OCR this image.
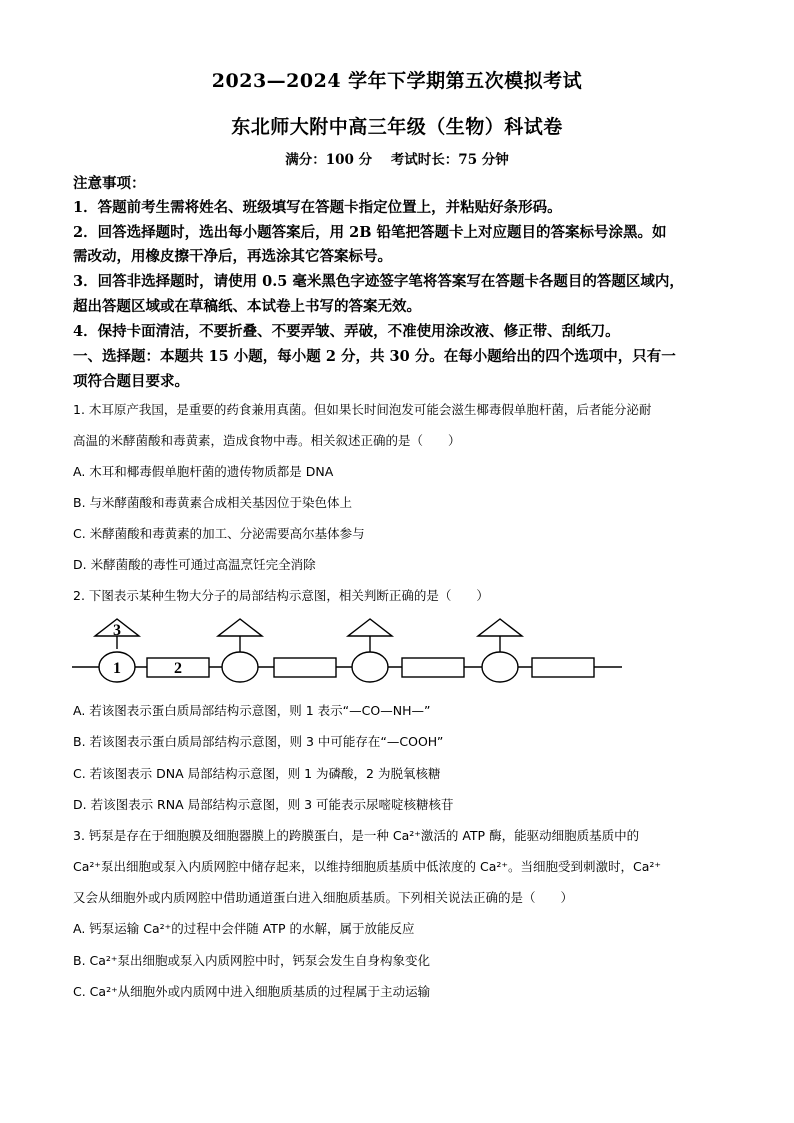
2023—2024 学年下学期第五次模拟考试
东北师大附中高三年级（生物）科试卷
满分：100 分 考试时长：75 分钟
注意事项：
1．答题前考生需将姓名、班级填写在答题卡指定位置上，并粘贴好条形码。
2．回答选择题时，选出每小题答案后，用 2B 铅笔把答题卡上对应题目的答案标号涂黑。如
需改动，用橡皮擦干净后，再选涂其它答案标号。
3．回答非选择题时，请使用 0.5 毫米黑色字迹签字笔将答案写在答题卡各题目的答题区域内，
超出答题区域或在草稿纸、本试卷上书写的答案无效。
4．保持卡面清洁，不要折叠、不要弄皱、弄破，不准使用涂改液、修正带、刮纸刀。
一、选择题：本题共 15 小题，每小题 2 分，共 30 分。在每小题给出的四个选项中，只有一
项符合题目要求。
1. 木耳原产我国，是重要的药食兼用真菌。但如果长时间泡发可能会滋生椰毒假单胞杆菌，后者能分泌耐
高温的米酵菌酸和毒黄素，造成食物中毒。相关叙述正确的是（　　）
A. 木耳和椰毒假单胞杆菌的遗传物质都是 DNA
B. 与米酵菌酸和毒黄素合成相关基因位于染色体上
C. 米酵菌酸和毒黄素的加工、分泌需要高尔基体参与
D. 米酵菌酸的毒性可通过高温烹饪完全消除
2. 下图表示某种生物大分子的局部结构示意图，相关判断正确的是（　　）
3
1	2
A. 若该图表示蛋白质局部结构示意图，则 1 表示“—CO—NH—”
B. 若该图表示蛋白质局部结构示意图，则 3 中可能存在“—COOH”
C. 若该图表示 DNA 局部结构示意图，则 1 为磷酸，2 为脱氧核糖
D. 若该图表示 RNA 局部结构示意图，则 3 可能表示尿嘧啶核糖核苷
3. 钙泵是存在于细胞膜及细胞器膜上的跨膜蛋白，是一种 Ca²⁺激活的 ATP 酶，能驱动细胞质基质中的
Ca²⁺泵出细胞或泵入内质网腔中储存起来，以维持细胞质基质中低浓度的 Ca²⁺。当细胞受到刺激时，Ca²⁺
又会从细胞外或内质网腔中借助通道蛋白进入细胞质基质。下列相关说法正确的是（　　）
A. 钙泵运输 Ca²⁺的过程中会伴随 ATP 的水解，属于放能反应
B. Ca²⁺泵出细胞或泵入内质网腔中时，钙泵会发生自身构象变化
C. Ca²⁺从细胞外或内质网中进入细胞质基质的过程属于主动运输
